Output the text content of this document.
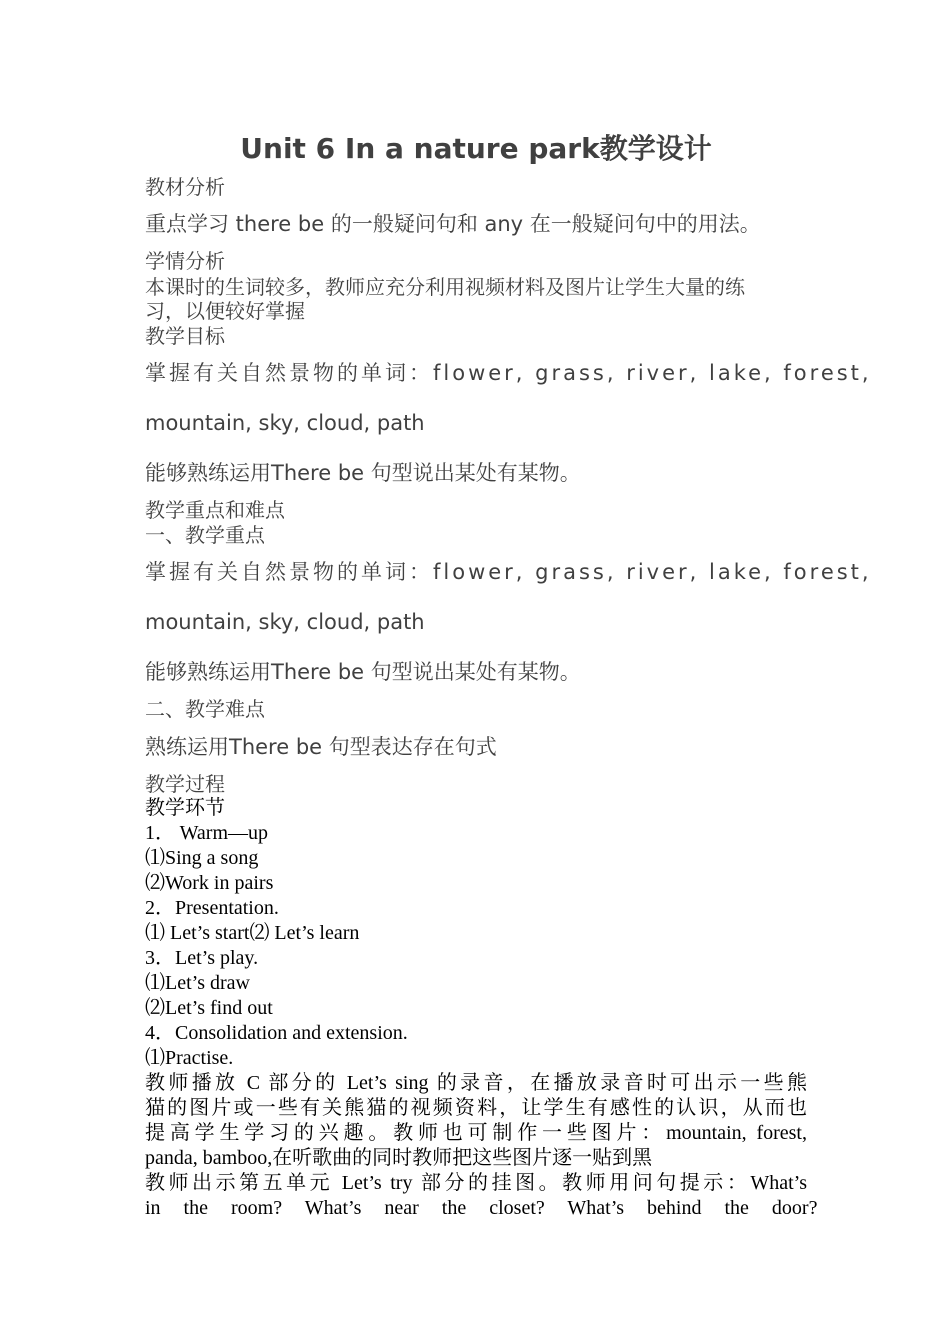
Unit 6 In a nature park教学设计
教材分析
重点学习 there be 的一般疑问句和 any 在一般疑问句中的用法。
学情分析
本课时的生词较多，教师应充分利用视频材料及图片让学生大量的练
习，以便较好掌握
教学目标
掌握有关自然景物的单词：flower, grass, river, lake, forest,
mountain, sky, cloud, path
能够熟练运用There be 句型说出某处有某物。
教学重点和难点
一、教学重点
掌握有关自然景物的单词：flower, grass, river, lake, forest,
mountain, sky, cloud, path
能够熟练运用There be 句型说出某处有某物。
二、教学难点
熟练运用There be 句型表达存在句式
教学过程
教学环节
1． Warm—up
⑴Sing a song
⑵Work in pairs
2．Presentation.
⑴ Let’s start⑵ Let’s learn
3．Let’s play.
⑴Let’s draw
⑵Let’s find out
4．Consolidation and extension.
⑴Practise.
教师播放 C 部分的 Let’s sing 的录音，在播放录音时可出示一些熊
猫的图片或一些有关熊猫的视频资料，让学生有感性的认识，从而也
提高学生学习的兴趣。教师也可制作一些图片：mountain, forest,
panda, bamboo,在听歌曲的同时教师把这些图片逐一贴到黑
教师出示第五单元 Let’s try 部分的挂图。教师用问句提示：What’s
in the room? What’s near the closet? What’s behind the door?
